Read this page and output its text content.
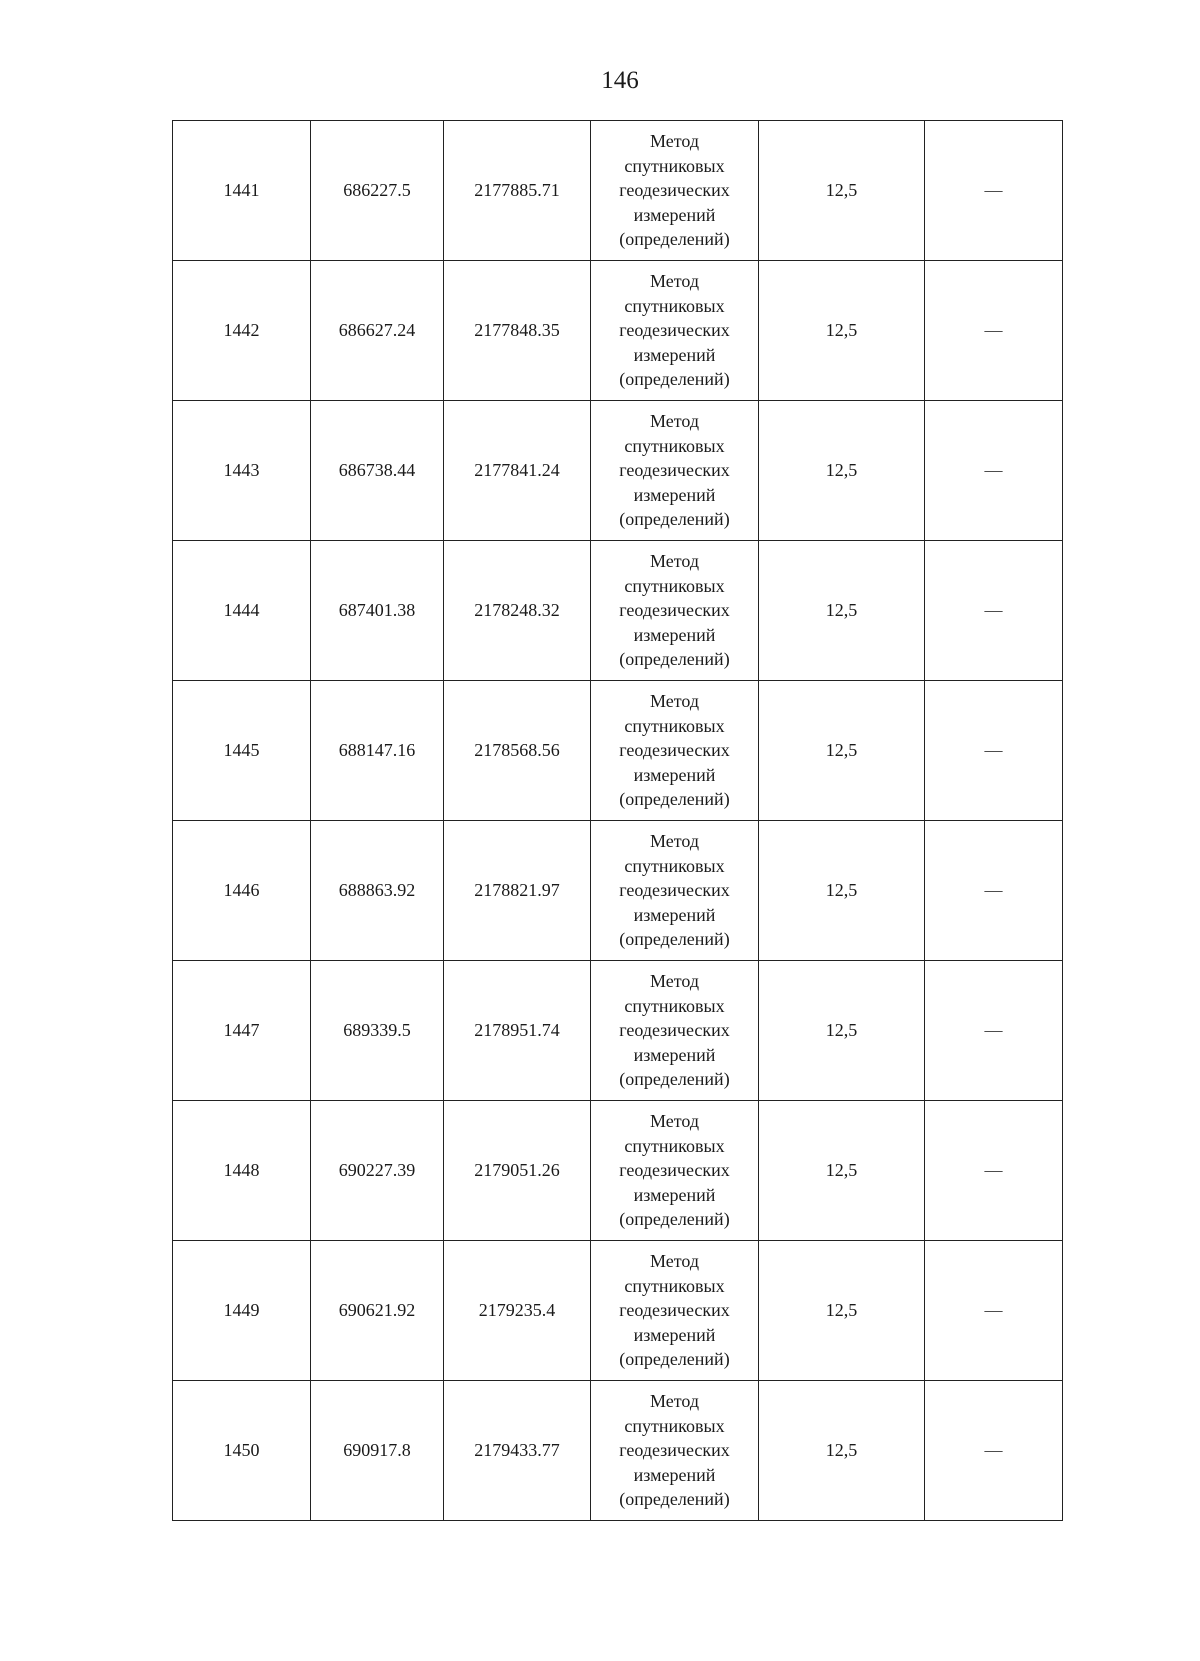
146
1441	686227.5	2177885.71	Метод
спутниковых
геодезических
измерений
(определений)	12,5	—
1442	686627.24	2177848.35	Метод
спутниковых
геодезических
измерений
(определений)	12,5	—
1443	686738.44	2177841.24	Метод
спутниковых
геодезических
измерений
(определений)	12,5	—
1444	687401.38	2178248.32	Метод
спутниковых
геодезических
измерений
(определений)	12,5	—
1445	688147.16	2178568.56	Метод
спутниковых
геодезических
измерений
(определений)	12,5	—
1446	688863.92	2178821.97	Метод
спутниковых
геодезических
измерений
(определений)	12,5	—
1447	689339.5	2178951.74	Метод
спутниковых
геодезических
измерений
(определений)	12,5	—
1448	690227.39	2179051.26	Метод
спутниковых
геодезических
измерений
(определений)	12,5	—
1449	690621.92	2179235.4	Метод
спутниковых
геодезических
измерений
(определений)	12,5	—
1450	690917.8	2179433.77	Метод
спутниковых
геодезических
измерений
(определений)	12,5	—
